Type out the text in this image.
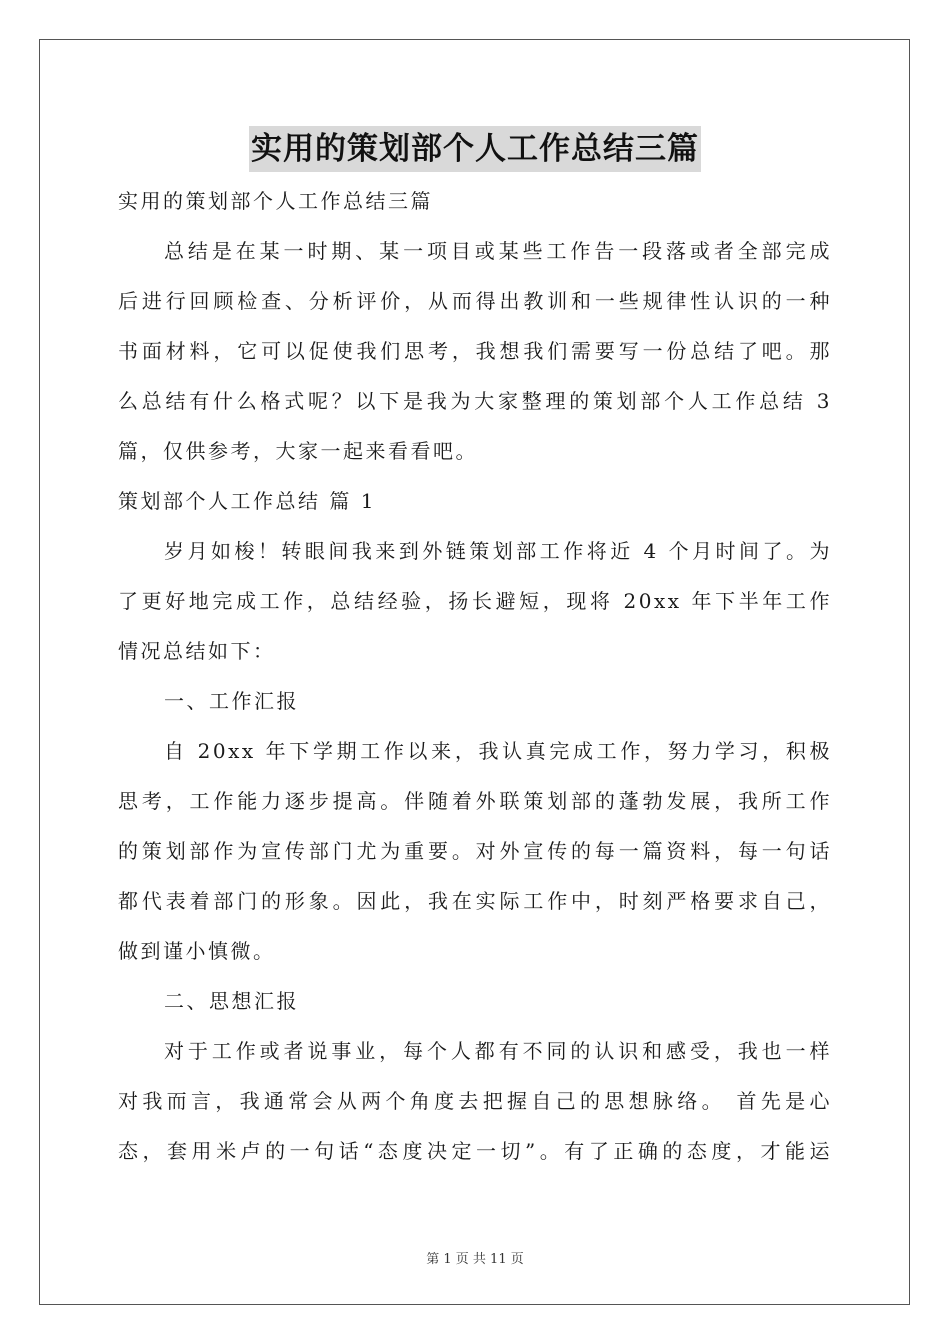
实用的策划部个人工作总结三篇
实用的策划部个人工作总结三篇
总结是在某一时期、某一项目或某些工作告一段落或者全部完成
后进行回顾检查、分析评价，从而得出教训和一些规律性认识的一种
书面材料，它可以促使我们思考，我想我们需要写一份总结了吧。那
么总结有什么格式呢？以下是我为大家整理的策划部个人工作总结 3
篇，仅供参考，大家一起来看看吧。
策划部个人工作总结 篇 1
岁月如梭！转眼间我来到外链策划部工作将近 4 个月时间了。为
了更好地完成工作，总结经验，扬长避短，现将 20xx 年下半年工作
情况总结如下：
一、工作汇报
自 20xx 年下学期工作以来，我认真完成工作，努力学习，积极
思考，工作能力逐步提高。伴随着外联策划部的蓬勃发展，我所工作
的策划部作为宣传部门尤为重要。对外宣传的每一篇资料，每一句话
都代表着部门的形象。因此，我在实际工作中，时刻严格要求自己，
做到谨小慎微。
二、思想汇报
对于工作或者说事业，每个人都有不同的认识和感受，我也一样
对我而言，我通常会从两个角度去把握自己的思想脉络。 首先是心
态，套用米卢的一句话“态度决定一切”。有了正确的态度，才能运
第 1 页 共 11 页
